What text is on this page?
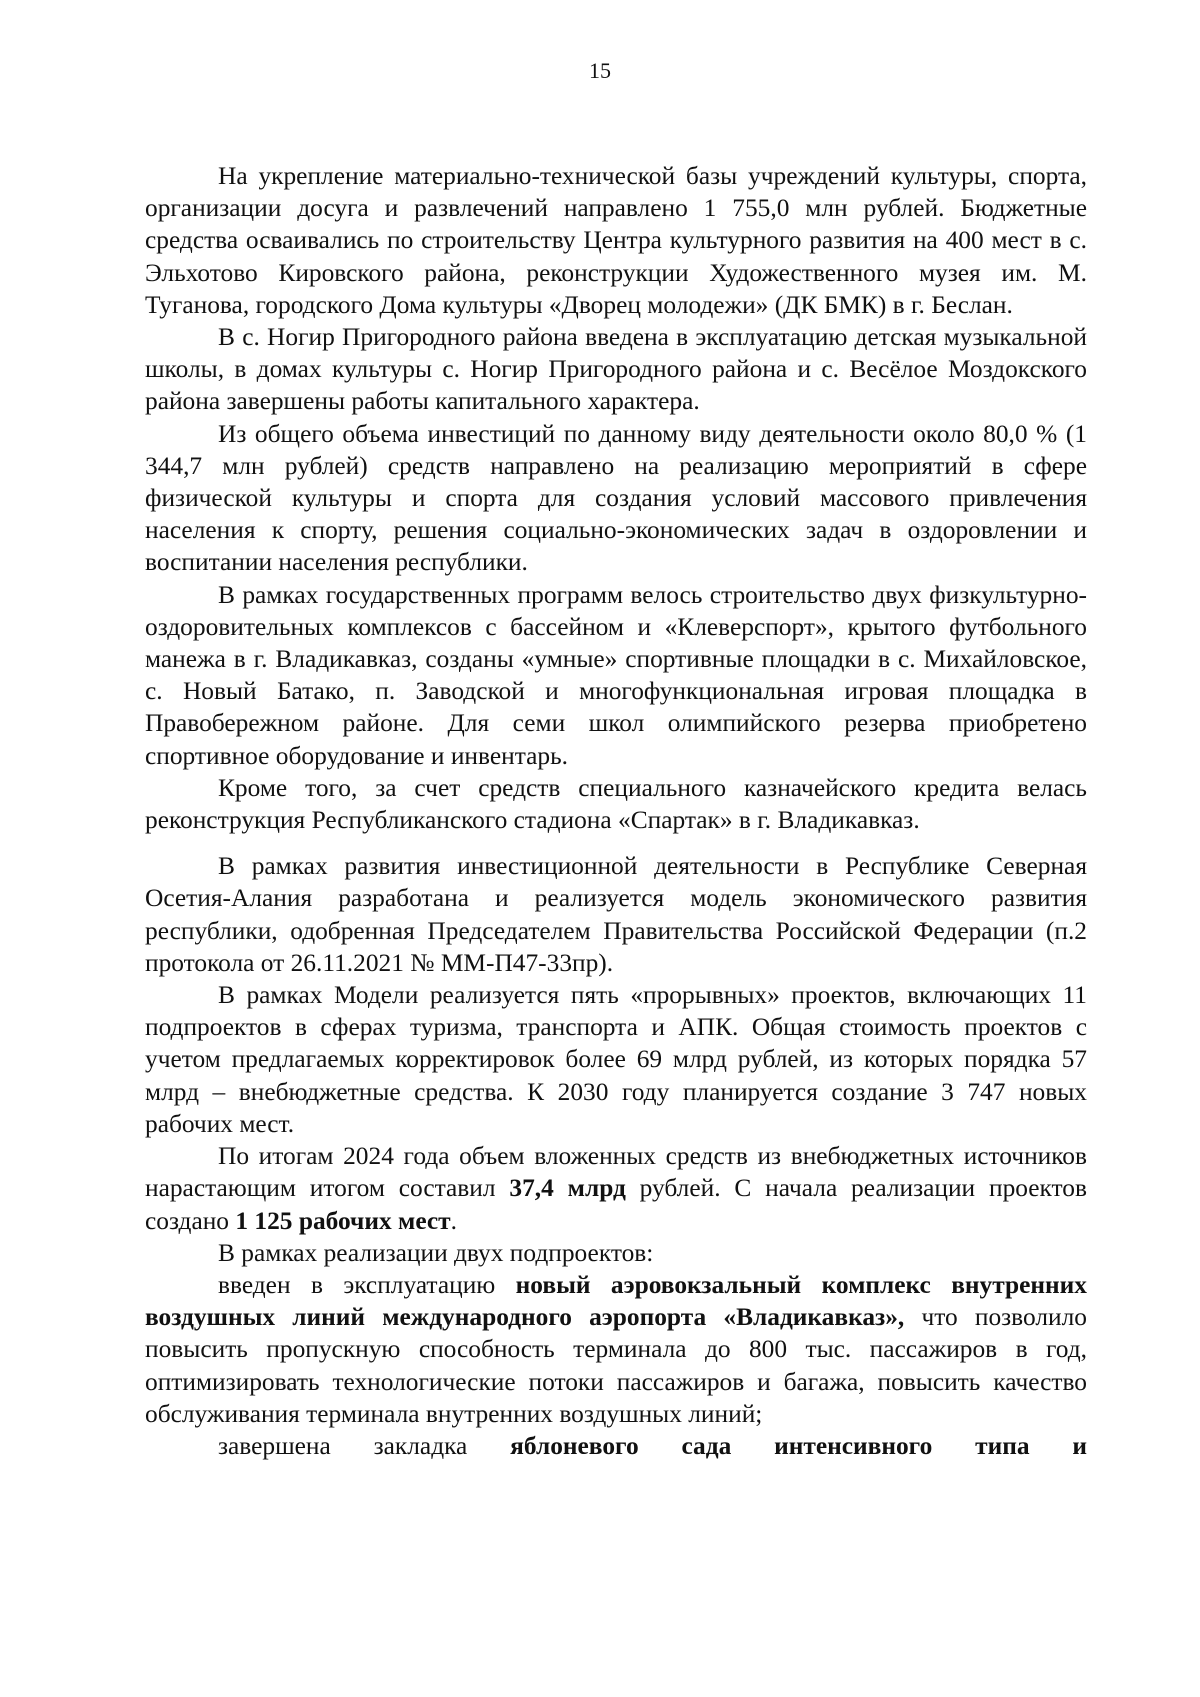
15

На укрепление материально-технической базы учреждений культуры, спорта, организации досуга и развлечений направлено 1 755,0 млн рублей. Бюджетные средства осваивались по строительству Центра культурного развития на 400 мест в с. Эльхотово Кировского района, реконструкции Художественного музея им. М. Туганова, городского Дома культуры «Дворец молодежи» (ДК БМК) в г. Беслан.

В с. Ногир Пригородного района введена в эксплуатацию детская музыкальной школы, в домах культуры с. Ногир Пригородного района и с. Весёлое Моздокского района завершены работы капитального характера.

Из общего объема инвестиций по данному виду деятельности около 80,0 % (1 344,7 млн рублей) средств направлено на реализацию мероприятий в сфере физической культуры и спорта для создания условий массового привлечения населения к спорту, решения социально-экономических задач в оздоровлении и воспитании населения республики.

В рамках государственных программ велось строительство двух физкультурно-оздоровительных комплексов с бассейном и «Клеверспорт», крытого футбольного манежа в г. Владикавказ, созданы «умные» спортивные площадки в с. Михайловское, с. Новый Батако, п. Заводской и многофункциональная игровая площадка в Правобережном районе. Для семи школ олимпийского резерва приобретено спортивное оборудование и инвентарь.

Кроме того, за счет средств специального казначейского кредита велась реконструкция Республиканского стадиона «Спартак» в г. Владикавказ.

В рамках развития инвестиционной деятельности в Республике Северная Осетия-Алания разработана и реализуется модель экономического развития республики, одобренная Председателем Правительства Российской Федерации (п.2 протокола от 26.11.2021 № ММ-П47-33пр).

В рамках Модели реализуется пять «прорывных» проектов, включающих 11 подпроектов в сферах туризма, транспорта и АПК. Общая стоимость проектов с учетом предлагаемых корректировок более 69 млрд рублей, из которых порядка 57 млрд – внебюджетные средства. К 2030 году планируется создание 3 747 новых рабочих мест.

По итогам 2024 года объем вложенных средств из внебюджетных источников нарастающим итогом составил 37,4 млрд рублей. С начала реализации проектов создано 1 125 рабочих мест.

В рамках реализации двух подпроектов:

введен в эксплуатацию новый аэровокзальный комплекс внутренних воздушных линий международного аэропорта «Владикавказ», что позволило повысить пропускную способность терминала до 800 тыс. пассажиров в год, оптимизировать технологические потоки пассажиров и багажа, повысить качество обслуживания терминала внутренних воздушных линий;

завершена закладка яблоневого сада интенсивного типа и
